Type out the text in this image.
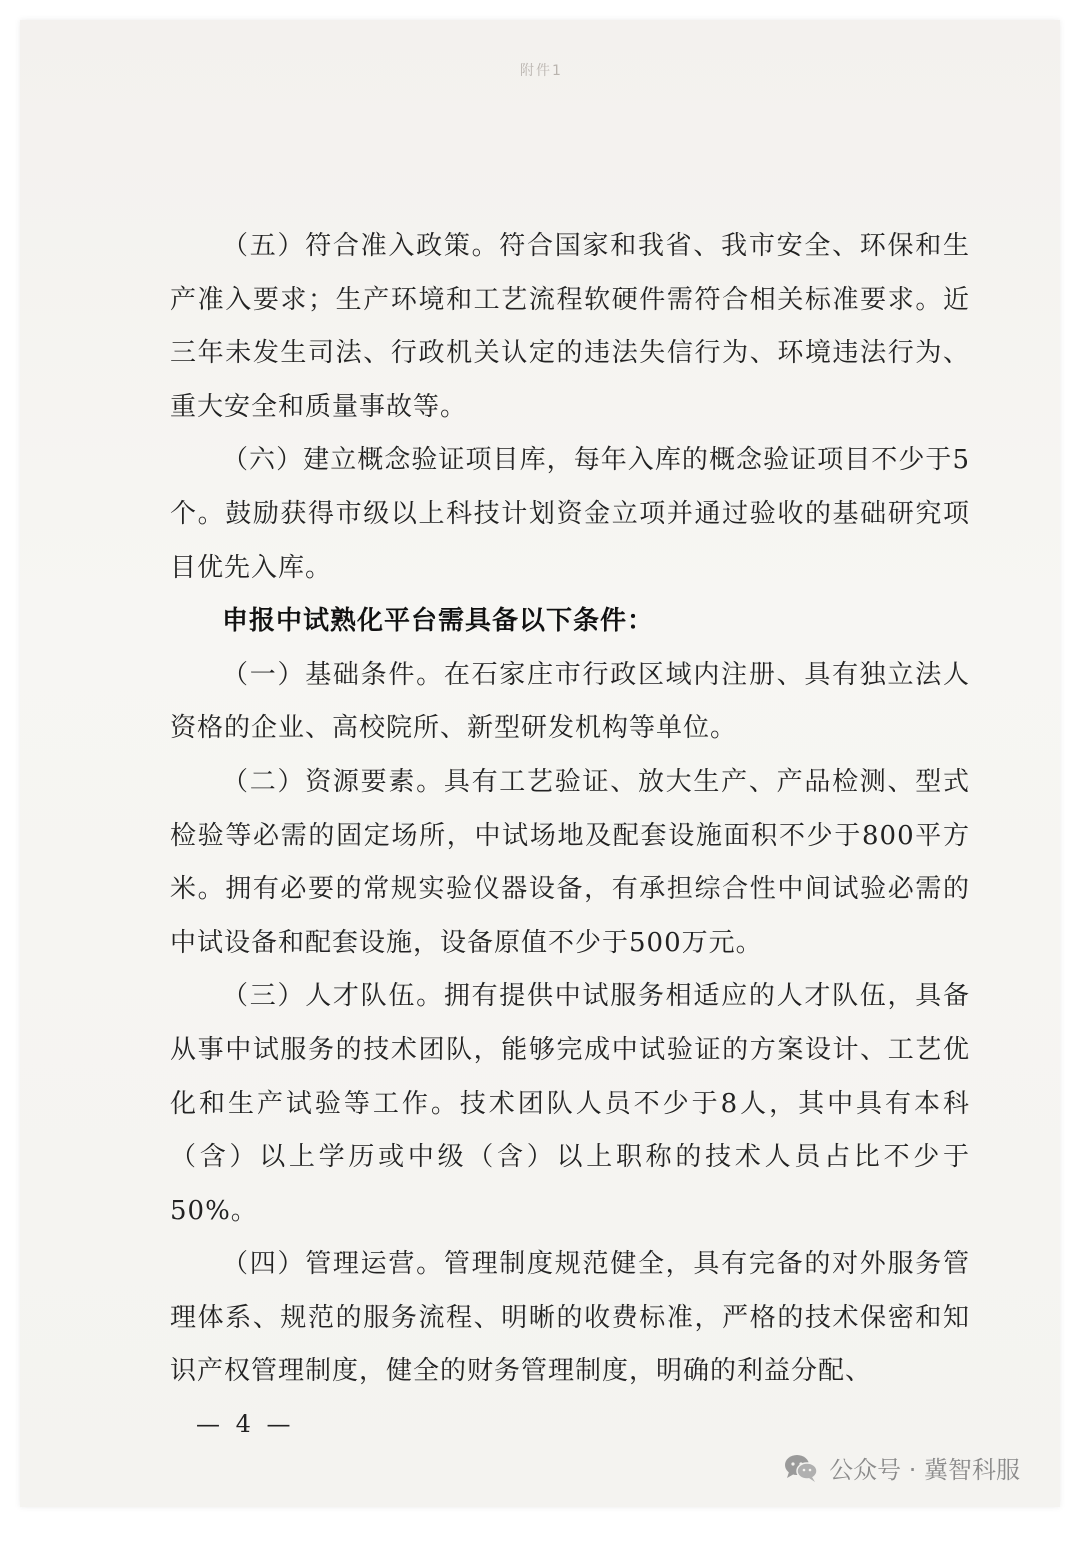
附件1

（五）符合准入政策。符合国家和我省、我市安全、环保和生产准入要求；生产环境和工艺流程软硬件需符合相关标准要求。近三年未发生司法、行政机关认定的违法失信行为、环境违法行为、重大安全和质量事故等。

（六）建立概念验证项目库，每年入库的概念验证项目不少于5个。鼓励获得市级以上科技计划资金立项并通过验收的基础研究项目优先入库。

申报中试熟化平台需具备以下条件：

（一）基础条件。在石家庄市行政区域内注册、具有独立法人资格的企业、高校院所、新型研发机构等单位。

（二）资源要素。具有工艺验证、放大生产、产品检测、型式检验等必需的固定场所，中试场地及配套设施面积不少于800平方米。拥有必要的常规实验仪器设备，有承担综合性中间试验必需的中试设备和配套设施，设备原值不少于500万元。

（三）人才队伍。拥有提供中试服务相适应的人才队伍，具备从事中试服务的技术团队，能够完成中试验证的方案设计、工艺优化和生产试验等工作。技术团队人员不少于8人，其中具有本科（含）以上学历或中级（含）以上职称的技术人员占比不少于50%。

（四）管理运营。管理制度规范健全，具有完备的对外服务管理体系、规范的服务流程、明晰的收费标准，严格的技术保密和知识产权管理制度，健全的财务管理制度，明确的利益分配、

— 4 —
公众号 · 冀智科服
